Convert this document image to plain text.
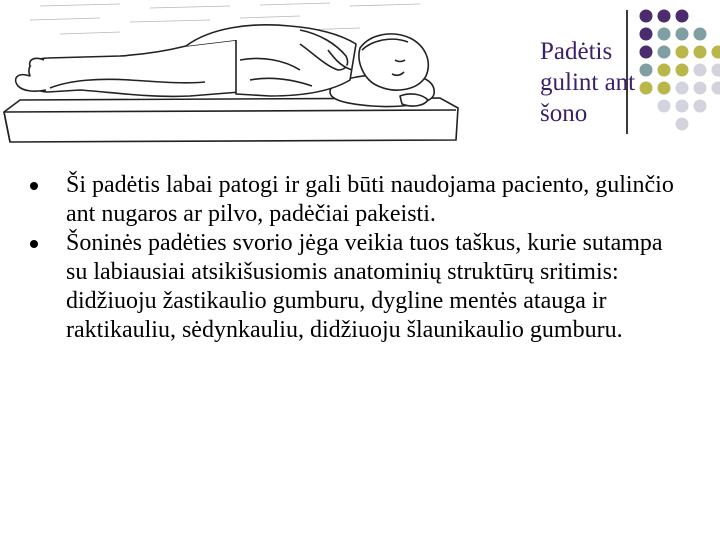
Padėtis
gulint ant
šono
Ši padėtis labai patogi ir gali būti naudojama paciento, gulinčio ant nugaros ar pilvo, padėčiai pakeisti.
Šoninės padėties svorio jėga veikia tuos taškus, kurie sutampa su labiausiai atsikišusiomis anatominių struktūrų sritimis: didžiuoju žastikaulio gumburu, dygline mentės atauga ir raktikauliu, sėdynkauliu, didžiuoju šlaunikaulio gumburu.
